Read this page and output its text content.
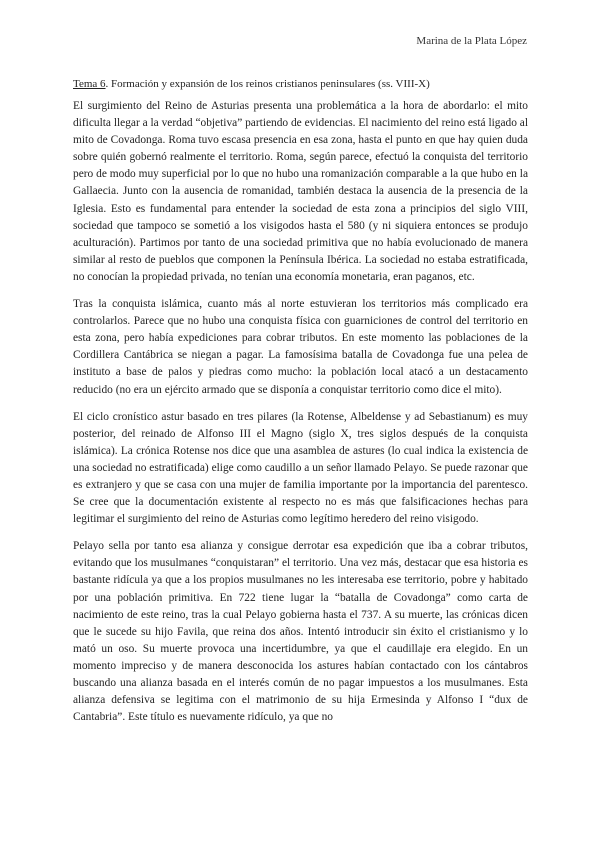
Marina de la Plata López
Tema 6. Formación y expansión de los reinos cristianos peninsulares (ss. VIII-X)

El surgimiento del Reino de Asturias presenta una problemática a la hora de abordarlo: el mito dificulta llegar a la verdad “objetiva” partiendo de evidencias. El nacimiento del reino está ligado al mito de Covadonga. Roma tuvo escasa presencia en esa zona, hasta el punto en que hay quien duda sobre quién gobernó realmente el territorio. Roma, según parece, efectuó la conquista del territorio pero de modo muy superficial por lo que no hubo una romanización comparable a la que hubo en la Gallaecia. Junto con la ausencia de romanidad, también destaca la ausencia de la presencia de la Iglesia. Esto es fundamental para entender la sociedad de esta zona a principios del siglo VIII, sociedad que tampoco se sometió a los visigodos hasta el 580 (y ni siquiera entonces se produjo aculturación). Partimos por tanto de una sociedad primitiva que no había evolucionado de manera similar al resto de pueblos que componen la Península Ibérica. La sociedad no estaba estratificada, no conocían la propiedad privada, no tenían una economía monetaria, eran paganos, etc.

Tras la conquista islámica, cuanto más al norte estuvieran los territorios más complicado era controlarlos. Parece que no hubo una conquista física con guarniciones de control del territorio en esta zona, pero había expediciones para cobrar tributos. En este momento las poblaciones de la Cordillera Cantábrica se niegan a pagar. La famosísima batalla de Covadonga fue una pelea de instituto a base de palos y piedras como mucho: la población local atacó a un destacamento reducido (no era un ejército armado que se disponía a conquistar territorio como dice el mito).

El ciclo cronístico astur basado en tres pilares (la Rotense, Albeldense y ad Sebastianum) es muy posterior, del reinado de Alfonso III el Magno (siglo X, tres siglos después de la conquista islámica). La crónica Rotense nos dice que una asamblea de astures (lo cual indica la existencia de una sociedad no estratificada) elige como caudillo a un señor llamado Pelayo. Se puede razonar que es extranjero y que se casa con una mujer de familia importante por la importancia del parentesco. Se cree que la documentación existente al respecto no es más que falsificaciones hechas para legitimar el surgimiento del reino de Asturias como legítimo heredero del reino visigodo.

Pelayo sella por tanto esa alianza y consigue derrotar esa expedición que iba a cobrar tributos, evitando que los musulmanes “conquistaran” el territorio. Una vez más, destacar que esa historia es bastante ridícula ya que a los propios musulmanes no les interesaba ese territorio, pobre y habitado por una población primitiva. En 722 tiene lugar la “batalla de Covadonga” como carta de nacimiento de este reino, tras la cual Pelayo gobierna hasta el 737. A su muerte, las crónicas dicen que le sucede su hijo Favila, que reina dos años. Intentó introducir sin éxito el cristianismo y lo mató un oso. Su muerte provoca una incertidumbre, ya que el caudillaje era elegido. En un momento impreciso y de manera desconocida los astures habían contactado con los cántabros buscando una alianza basada en el interés común de no pagar impuestos a los musulmanes. Esta alianza defensiva se legitima con el matrimonio de su hija Ermesinda y Alfonso I “dux de Cantabria”. Este título es nuevamente ridículo, ya que no
